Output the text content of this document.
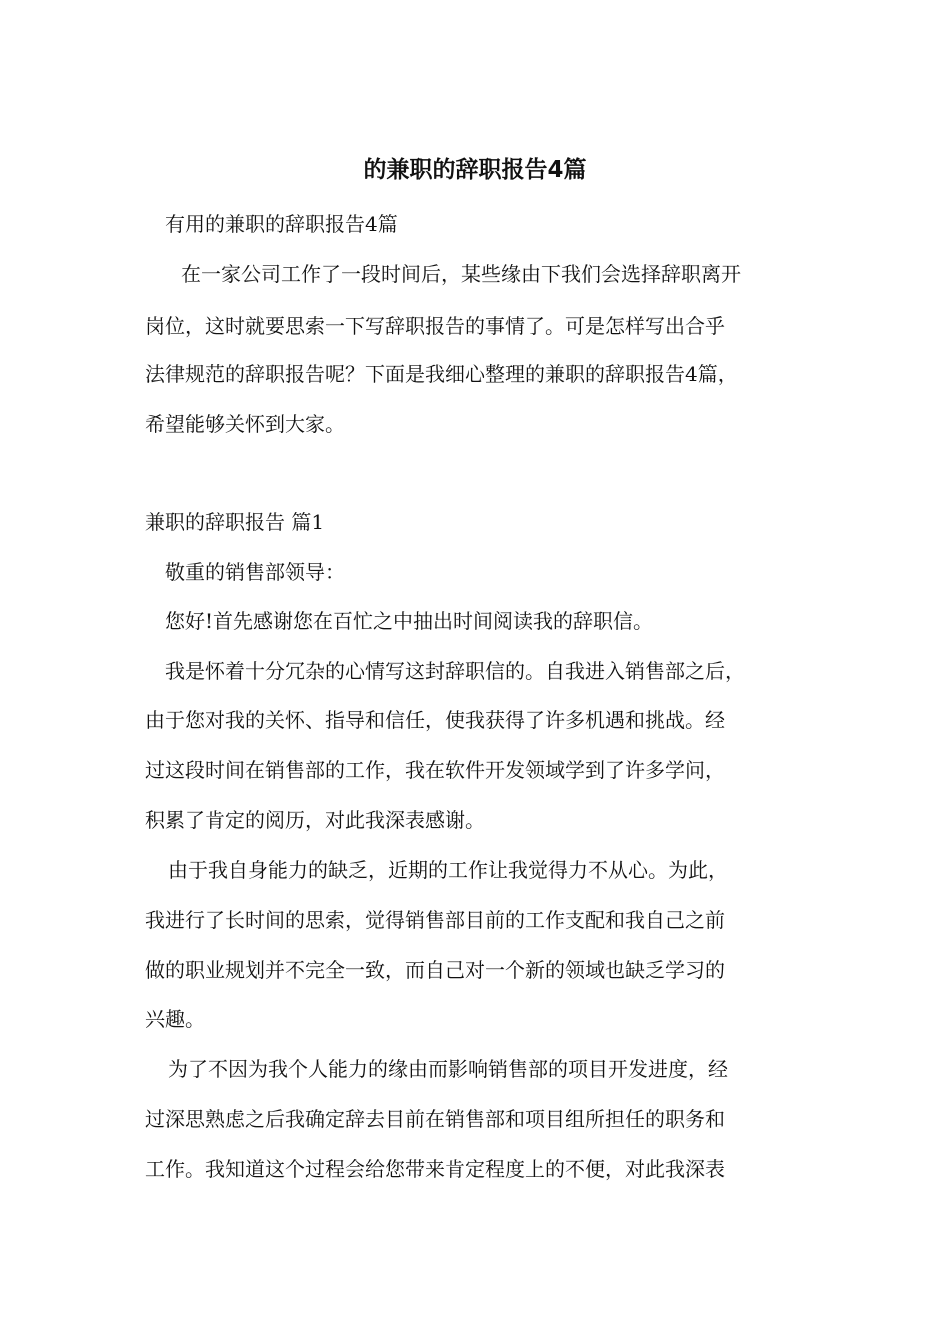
的兼职的辞职报告4篇
有用的兼职的辞职报告4篇
在一家公司工作了一段时间后，某些缘由下我们会选择辞职离开
岗位，这时就要思索一下写辞职报告的事情了。可是怎样写出合乎
法律规范的辞职报告呢？下面是我细心整理的兼职的辞职报告4篇，
希望能够关怀到大家。
兼职的辞职报告 篇1
敬重的销售部领导：
您好!首先感谢您在百忙之中抽出时间阅读我的辞职信。
我是怀着十分冗杂的心情写这封辞职信的。自我进入销售部之后，
由于您对我的关怀、指导和信任，使我获得了许多机遇和挑战。经
过这段时间在销售部的工作，我在软件开发领域学到了许多学问，
积累了肯定的阅历，对此我深表感谢。
由于我自身能力的缺乏，近期的工作让我觉得力不从心。为此，
我进行了长时间的思索，觉得销售部目前的工作支配和我自己之前
做的职业规划并不完全一致，而自己对一个新的领域也缺乏学习的
兴趣。
为了不因为我个人能力的缘由而影响销售部的项目开发进度，经
过深思熟虑之后我确定辞去目前在销售部和项目组所担任的职务和
工作。我知道这个过程会给您带来肯定程度上的不便，对此我深表
